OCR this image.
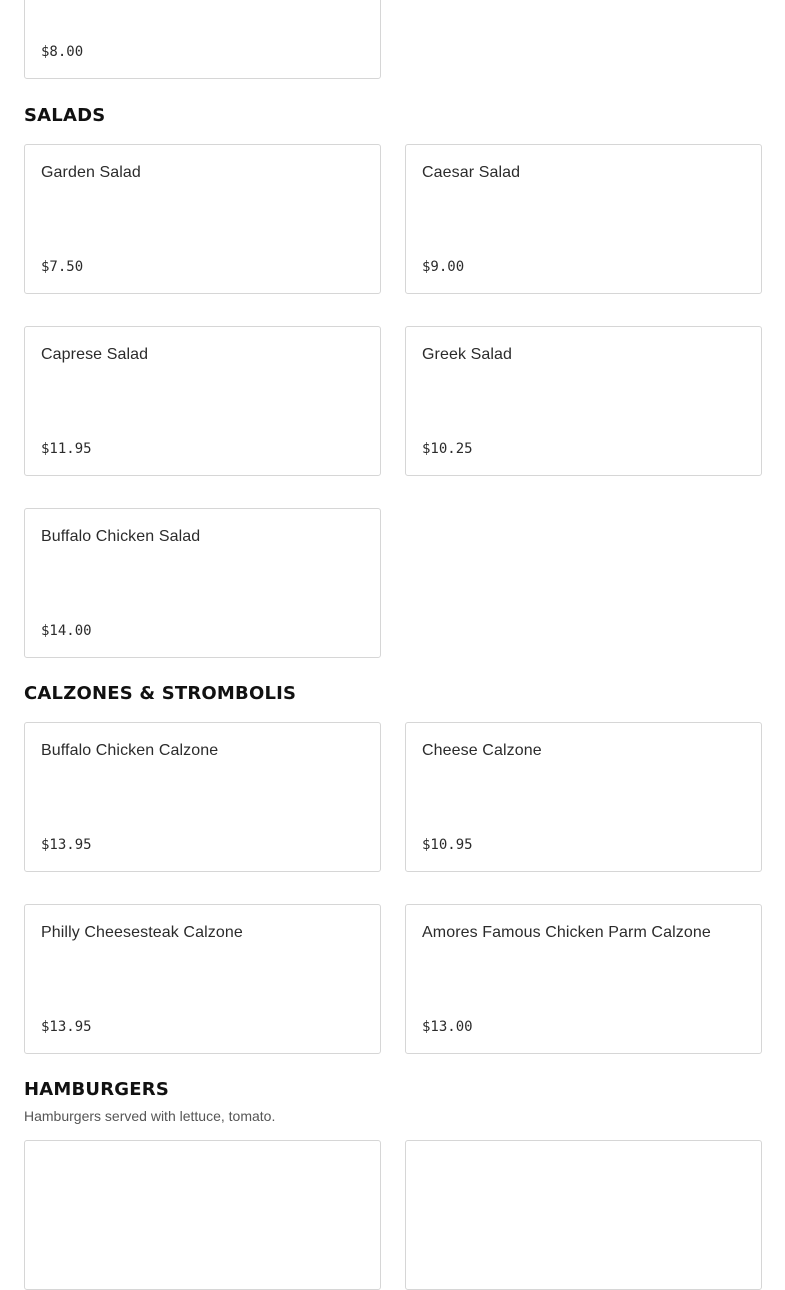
$8.00
SALADS
Garden Salad
$7.50
Caesar Salad
$9.00
Caprese Salad
$11.95
Greek Salad
$10.25
Buffalo Chicken Salad
$14.00
CALZONES & STROMBOLIS
Buffalo Chicken Calzone
$13.95
Cheese Calzone
$10.95
Philly Cheesesteak Calzone
$13.95
Amores Famous Chicken Parm Calzone
$13.00
HAMBURGERS
Hamburgers served with lettuce, tomato.
